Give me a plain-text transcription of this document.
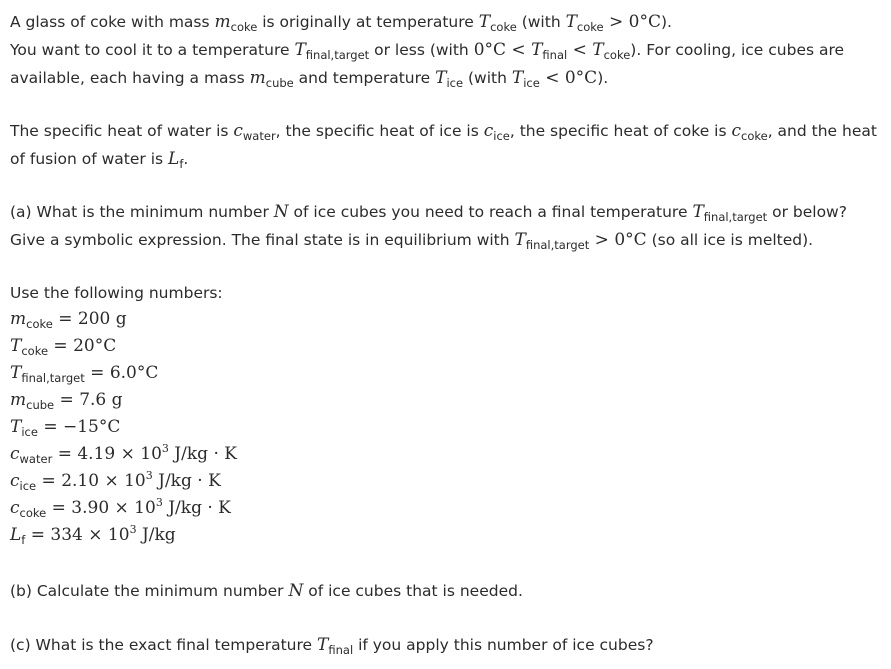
A glass of coke with mass $m_{coke}$ is originally at temperature $T_{coke}$ (with $T_{coke} > 0^\circ C$).
You want to cool it to a temperature $T_{final,target}$ or less (with $0^\circ C < T_{final} < T_{coke}$). For cooling, ice cubes are
available, each having a mass $m_{cube}$ and temperature $T_{ice}$ (with $T_{ice} < 0^\circ C$).
The specific heat of water is $c_{water}$, the specific heat of ice is $c_{ice}$, the specific heat of coke is $c_{coke}$, and the heat
of fusion of water is $L_f$.
(a) What is the minimum number N of ice cubes you need to reach a final temperature $T_{final,target}$ or below?
Give a symbolic expression. The final state is in equilibrium with $T_{final,target} > 0^\circ C$ (so all ice is melted).
Use the following numbers:
$m_{coke} = 200$ g
$T_{coke} = 20^\circ C$
$T_{final,target} = 6.0^\circ C$
$m_{cube} = 7.6$ g
$T_{ice} = -15^\circ C$
$c_{water} = 4.19 \times 10^3$ J/kg · K
$c_{ice} = 2.10 \times 10^3$ J/kg · K
$c_{coke} = 3.90 \times 10^3$ J/kg · K
$L_f = 334 \times 10^3$ J/kg
(b) Calculate the minimum number N of ice cubes that is needed.
(c) What is the exact final temperature $T_{final}$ if you apply this number of ice cubes?
